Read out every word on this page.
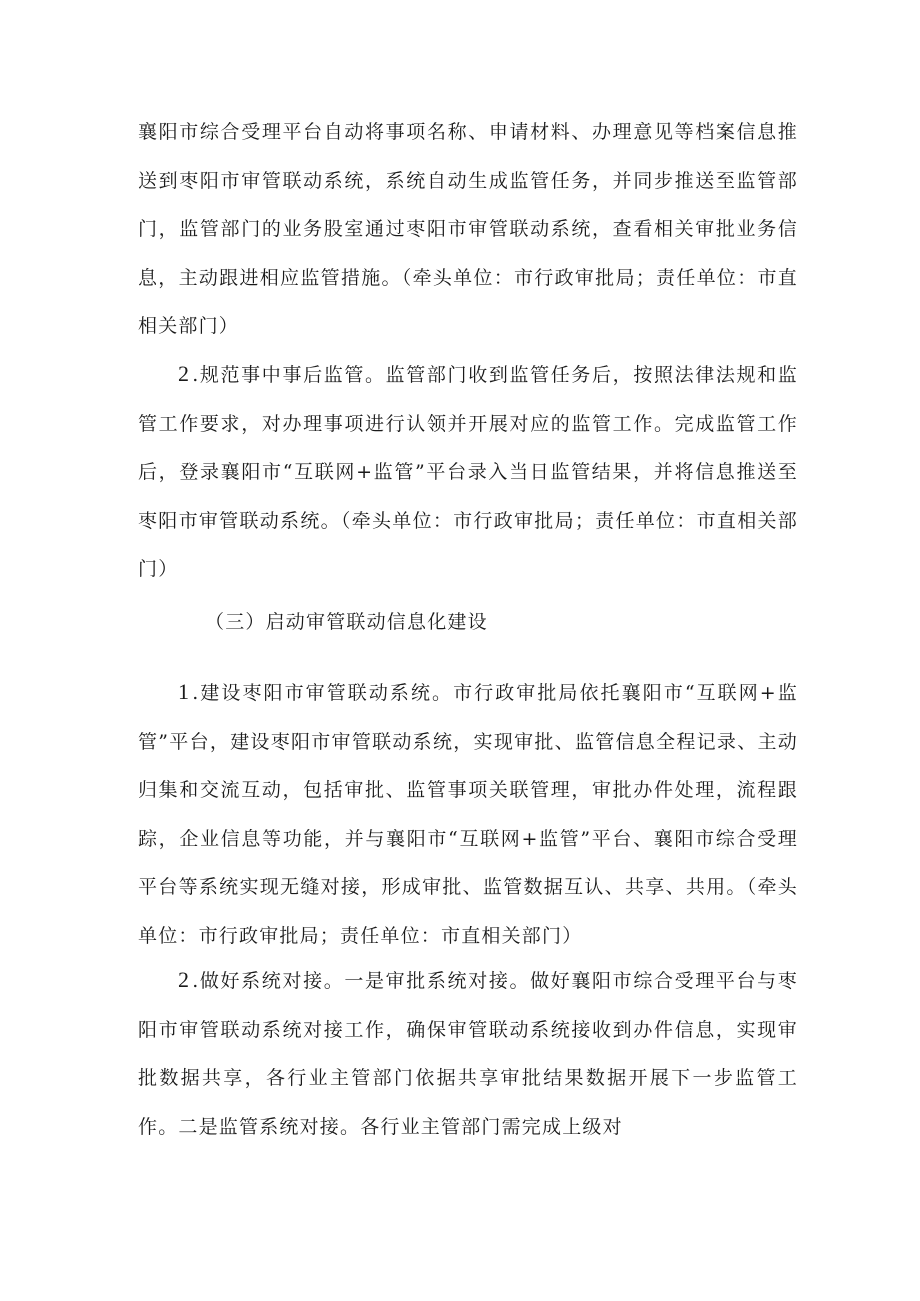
襄阳市综合受理平台自动将事项名称、申请材料、办理意见等档案信息推送到枣阳市审管联动系统，系统自动生成监管任务，并同步推送至监管部门，监管部门的业务股室通过枣阳市审管联动系统，查看相关审批业务信息，主动跟进相应监管措施。（牵头单位：市行政审批局；责任单位：市直相关部门）

2 .规范事中事后监管。监管部门收到监管任务后，按照法律法规和监管工作要求，对办理事项进行认领并开展对应的监管工作。完成监管工作后，登录襄阳市“互联网+监管”平台录入当日监管结果，并将信息推送至枣阳市审管联动系统。（牵头单位：市行政审批局；责任单位：市直相关部门）

（三）启动审管联动信息化建设

1 .建设枣阳市审管联动系统。市行政审批局依托襄阳市“互联网+监管”平台，建设枣阳市审管联动系统，实现审批、监管信息全程记录、主动归集和交流互动，包括审批、监管事项关联管理，审批办件处理，流程跟踪，企业信息等功能，并与襄阳市“互联网+监管”平台、襄阳市综合受理平台等系统实现无缝对接，形成审批、监管数据互认、共享、共用。（牵头单位：市行政审批局；责任单位：市直相关部门）

2 .做好系统对接。一是审批系统对接。做好襄阳市综合受理平台与枣阳市审管联动系统对接工作，确保审管联动系统接收到办件信息，实现审批数据共享，各行业主管部门依据共享审批结果数据开展下一步监管工作。二是监管系统对接。各行业主管部门需完成上级对
